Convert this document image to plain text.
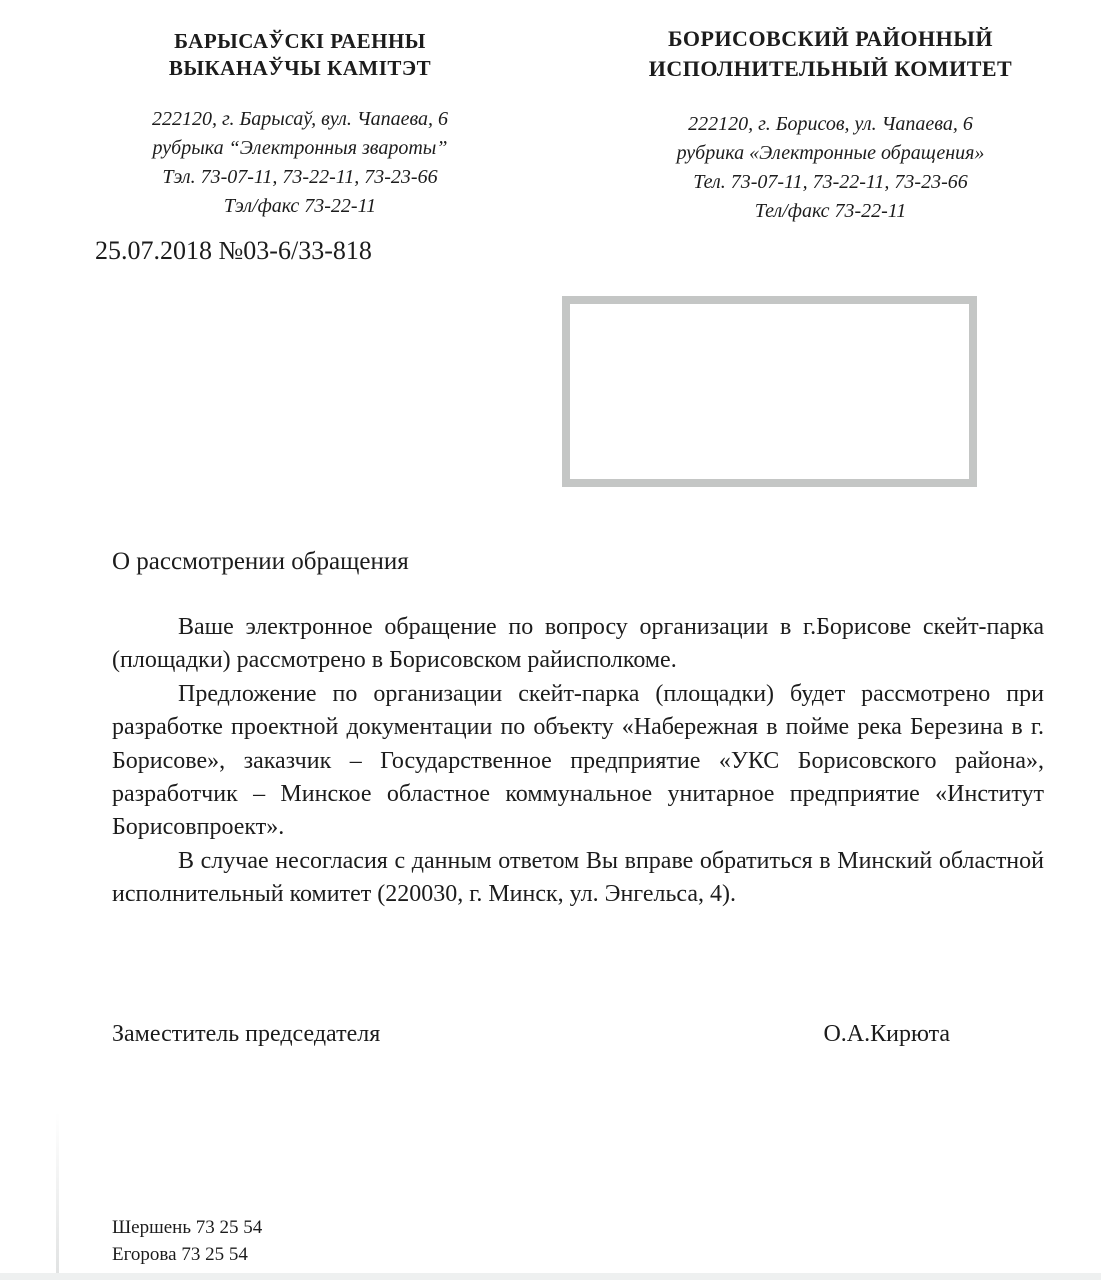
БАРЫСАЎСКІ РАЕННЫ
ВЫКАНАЎЧЫ КАМІТЭТ
222120, г. Барысаў, вул. Чапаева, 6
рубрыка “Электронныя звароты”
Тэл. 73-07-11, 73-22-11, 73-23-66
Тэл/факс 73-22-11
БОРИСОВСКИЙ РАЙОННЫЙ
ИСПОЛНИТЕЛЬНЫЙ КОМИТЕТ
222120, г. Борисов, ул. Чапаева, 6
рубрика «Электронные обращения»
Тел. 73-07-11, 73-22-11, 73-23-66
Тел/факс 73-22-11
25.07.2018 №03-6/33-818
О рассмотрении обращения

Ваше электронное обращение по вопросу организации в г.Борисове скейт-парка (площадки) рассмотрено в Борисовском райисполкоме.

Предложение по организации скейт-парка (площадки) будет рассмотрено при разработке проектной документации по объекту «Набережная в пойме река Березина в г. Борисове», заказчик – Государственное предприятие «УКС Борисовского района», разработчик – Минское областное коммунальное унитарное предприятие «Институт Борисовпроект».

В случае несогласия с данным ответом Вы вправе обратиться в Минский областной исполнительный комитет (220030, г. Минск, ул. Энгельса, 4).

Заместитель председателя	О.А.Кирюта
Шершень 73 25 54
Егорова 73 25 54
